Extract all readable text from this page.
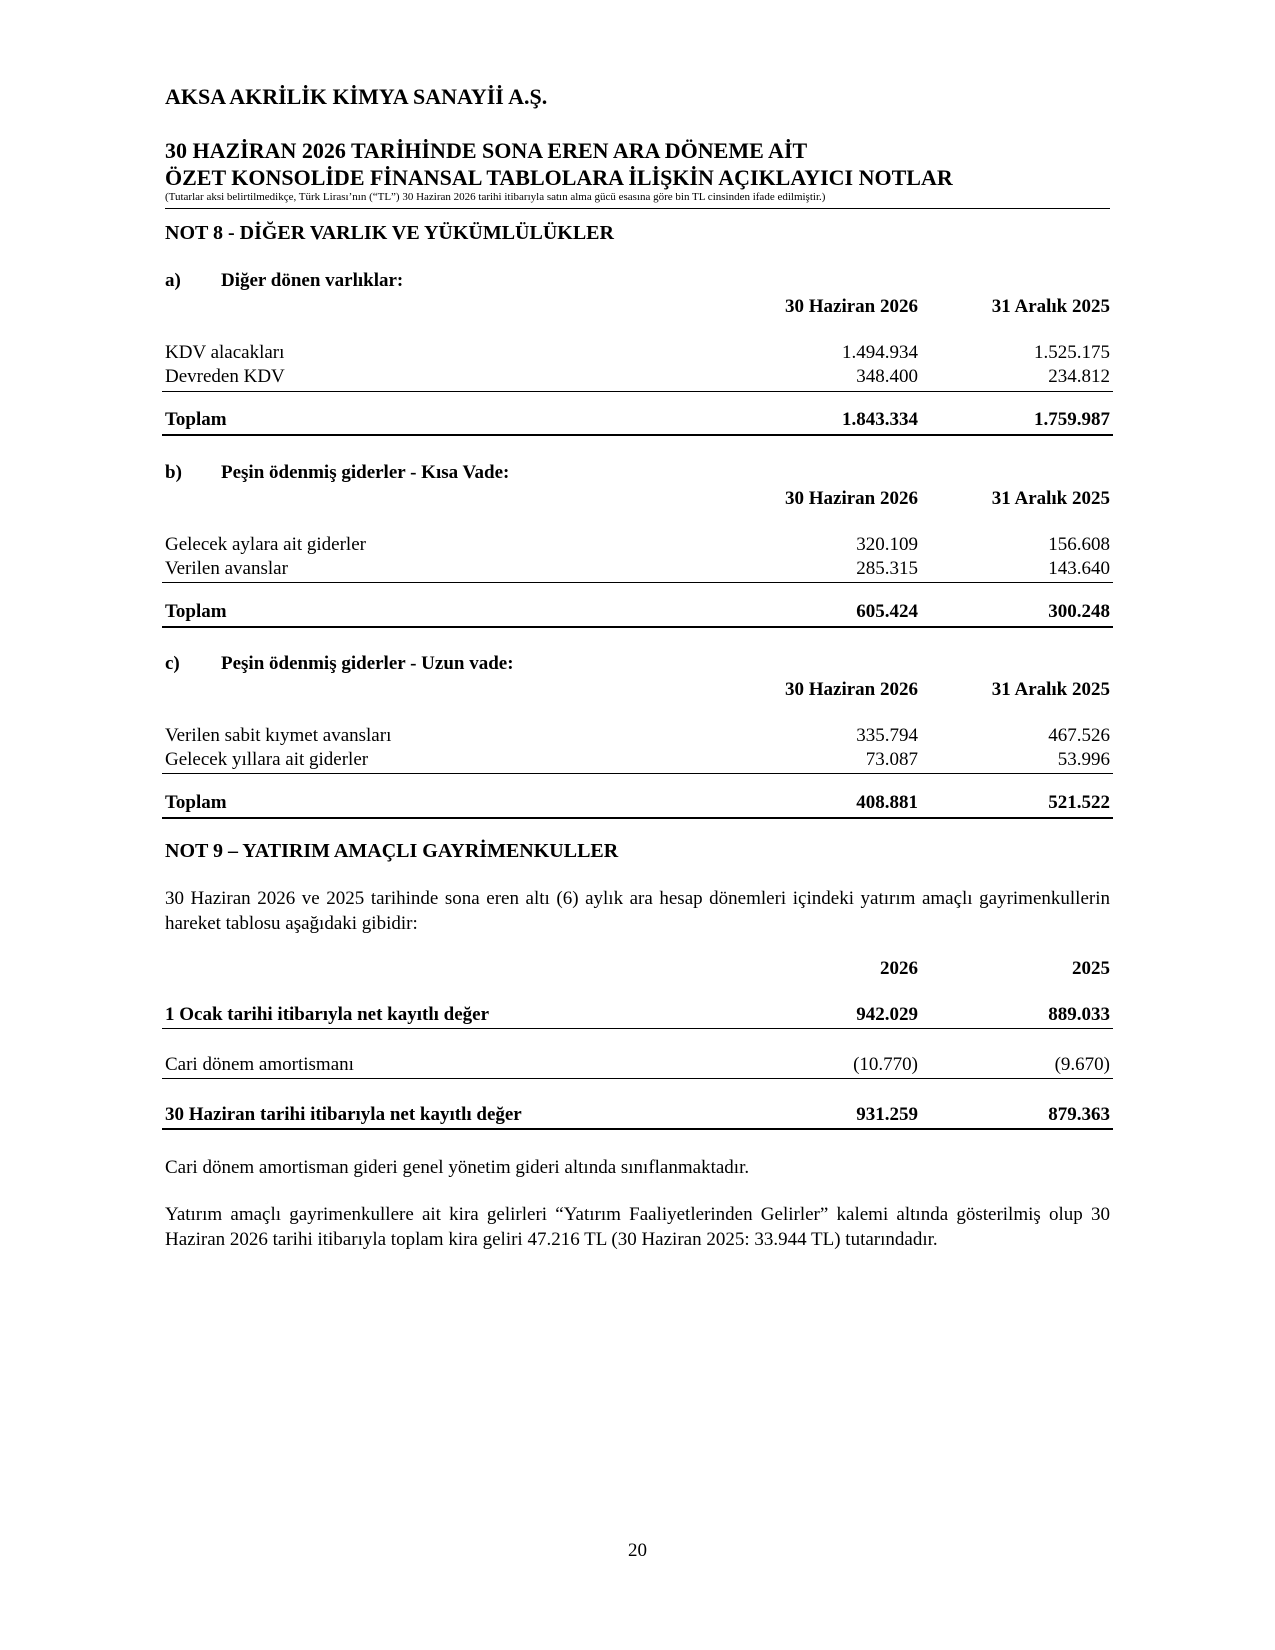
AKSA AKRİLİK KİMYA SANAYİİ A.Ş.
30 HAZİRAN 2026 TARİHİNDE SONA EREN ARA DÖNEME AİT
ÖZET KONSOLİDE FİNANSAL TABLOLARA İLİŞKİN AÇIKLAYICI NOTLAR
(Tutarlar aksi belirtilmedikçe, Türk Lirası’nın (“TL”) 30 Haziran 2026 tarihi itibarıyla satın alma gücü esasına göre bin TL cinsinden ifade edilmiştir.)
NOT 8 - DİĞER VARLIK VE YÜKÜMLÜLÜKLER
a) Diğer dönen varlıklar:
30 Haziran 2026	31 Aralık 2025
KDV alacakları	1.494.934	1.525.175
Devreden KDV	348.400	234.812
Toplam	1.843.334	1.759.987
b) Peşin ödenmiş giderler - Kısa Vade:
30 Haziran 2026	31 Aralık 2025
Gelecek aylara ait giderler	320.109	156.608
Verilen avanslar	285.315	143.640
Toplam	605.424	300.248
c) Peşin ödenmiş giderler - Uzun vade:
30 Haziran 2026	31 Aralık 2025
Verilen sabit kıymet avansları	335.794	467.526
Gelecek yıllara ait giderler	73.087	53.996
Toplam	408.881	521.522
NOT 9 – YATIRIM AMAÇLI GAYRİMENKULLER
30 Haziran 2026 ve 2025 tarihinde sona eren altı (6) aylık ara hesap dönemleri içindeki yatırım amaçlı gayrimenkullerin hareket tablosu aşağıdaki gibidir:
2026	2025
1 Ocak tarihi itibarıyla net kayıtlı değer	942.029	889.033
Cari dönem amortismanı	(10.770)	(9.670)
30 Haziran tarihi itibarıyla net kayıtlı değer	931.259	879.363
Cari dönem amortisman gideri genel yönetim gideri altında sınıflanmaktadır.
Yatırım amaçlı gayrimenkullere ait kira gelirleri “Yatırım Faaliyetlerinden Gelirler” kalemi altında gösterilmiş olup 30 Haziran 2026 tarihi itibarıyla toplam kira geliri 47.216 TL (30 Haziran 2025: 33.944 TL) tutarındadır.
20
